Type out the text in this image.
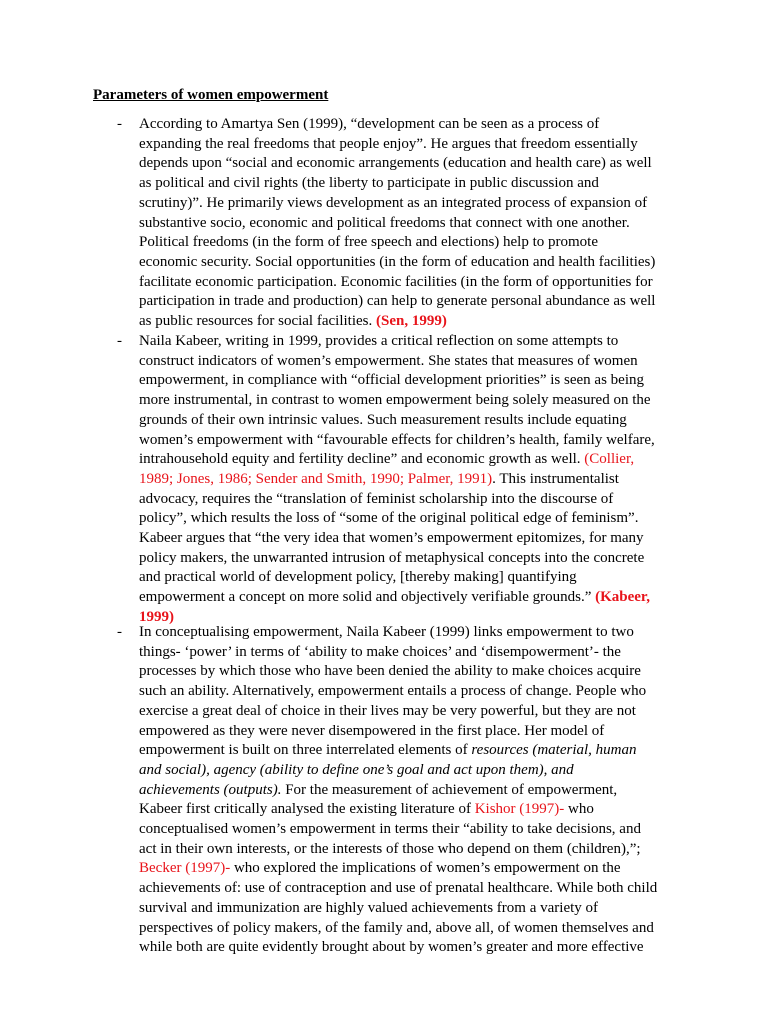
Parameters of women empowerment
- According to Amartya Sen (1999), “development can be seen as a process of
expanding the real freedoms that people enjoy”. He argues that freedom essentially
depends upon “social and economic arrangements (education and health care) as well
as political and civil rights (the liberty to participate in public discussion and
scrutiny)”. He primarily views development as an integrated process of expansion of
substantive socio, economic and political freedoms that connect with one another.
Political freedoms (in the form of free speech and elections) help to promote
economic security. Social opportunities (in the form of education and health facilities)
facilitate economic participation. Economic facilities (in the form of opportunities for
participation in trade and production) can help to generate personal abundance as well
as public resources for social facilities. (Sen, 1999)
- Naila Kabeer, writing in 1999, provides a critical reflection on some attempts to
construct indicators of women’s empowerment. She states that measures of women
empowerment, in compliance with “official development priorities” is seen as being
more instrumental, in contrast to women empowerment being solely measured on the
grounds of their own intrinsic values. Such measurement results include equating
women’s empowerment with “favourable effects for children’s health, family welfare,
intrahousehold equity and fertility decline” and economic growth as well. (Collier,
1989; Jones, 1986; Sender and Smith, 1990; Palmer, 1991). This instrumentalist
advocacy, requires the “translation of feminist scholarship into the discourse of
policy”, which results the loss of “some of the original political edge of feminism”.
Kabeer argues that “the very idea that women’s empowerment epitomizes, for many
policy makers, the unwarranted intrusion of metaphysical concepts into the concrete
and practical world of development policy, [thereby making] quantifying
empowerment a concept on more solid and objectively verifiable grounds.” (Kabeer,
1999)
- In conceptualising empowerment, Naila Kabeer (1999) links empowerment to two
things- ‘power’ in terms of ‘ability to make choices’ and ‘disempowerment’- the
processes by which those who have been denied the ability to make choices acquire
such an ability. Alternatively, empowerment entails a process of change. People who
exercise a great deal of choice in their lives may be very powerful, but they are not
empowered as they were never disempowered in the first place. Her model of
empowerment is built on three interrelated elements of resources (material, human
and social), agency (ability to define one’s goal and act upon them), and
achievements (outputs). For the measurement of achievement of empowerment,
Kabeer first critically analysed the existing literature of Kishor (1997)- who
conceptualised women’s empowerment in terms their “ability to take decisions, and
act in their own interests, or the interests of those who depend on them (children),”;
Becker (1997)- who explored the implications of women’s empowerment on the
achievements of: use of contraception and use of prenatal healthcare. While both child
survival and immunization are highly valued achievements from a variety of
perspectives of policy makers, of the family and, above all, of women themselves and
while both are quite evidently brought about by women’s greater and more effective
